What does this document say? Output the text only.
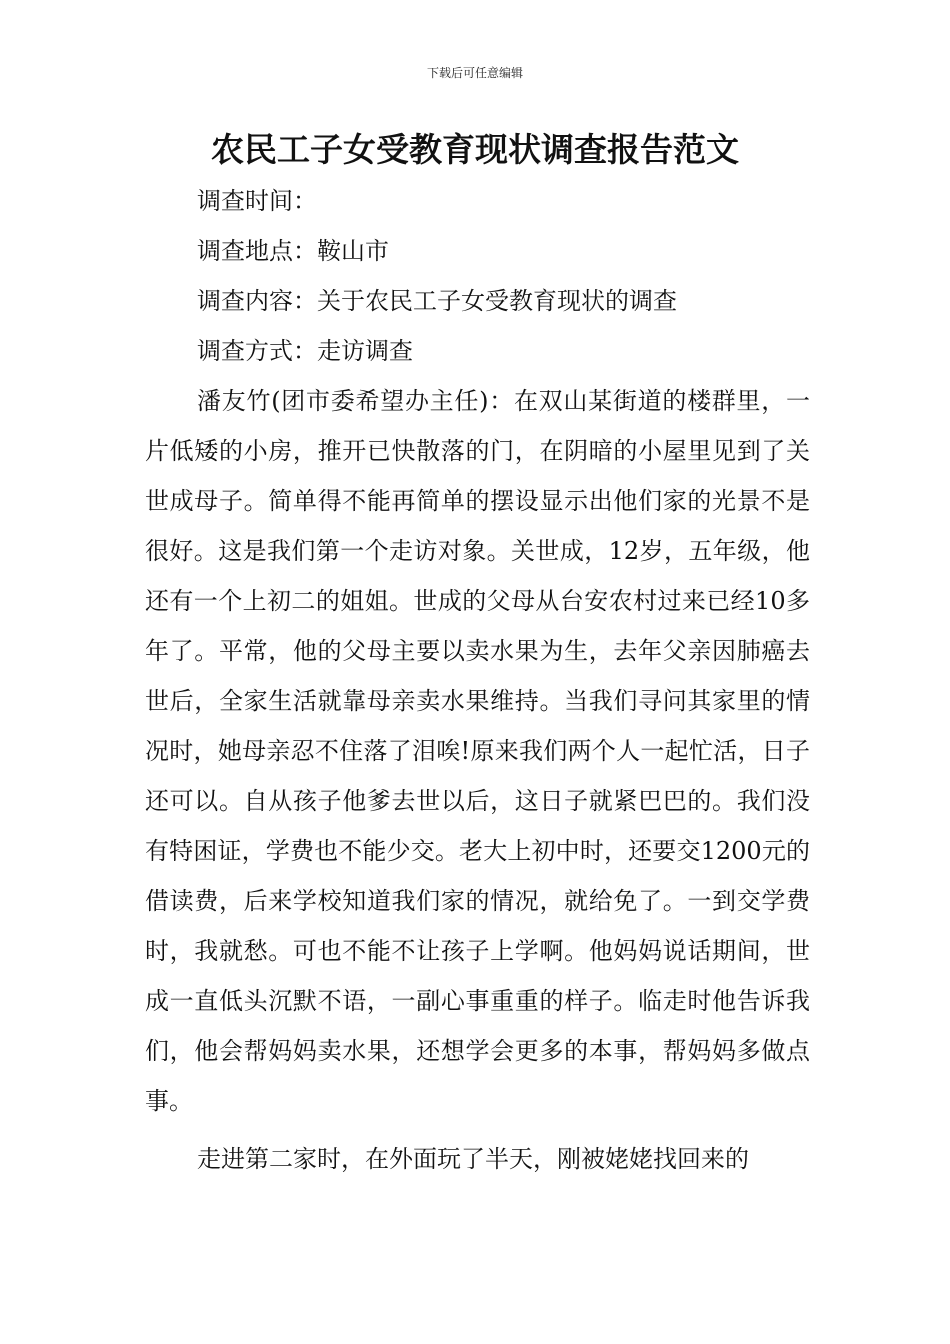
下载后可任意编辑
农民工子女受教育现状调查报告范文

调查时间：

调查地点：鞍山市

调查内容：关于农民工子女受教育现状的调查

调查方式：走访调查

潘友竹(团市委希望办主任)：在双山某街道的楼群里，一片低矮的小房，推开已快散落的门，在阴暗的小屋里见到了关世成母子。简单得不能再简单的摆设显示出他们家的光景不是很好。这是我们第一个走访对象。关世成，12岁，五年级，他还有一个上初二的姐姐。世成的父母从台安农村过来已经10多年了。平常，他的父母主要以卖水果为生，去年父亲因肺癌去世后，全家生活就靠母亲卖水果维持。当我们寻问其家里的情况时，她母亲忍不住落了泪唉!原来我们两个人一起忙活，日子还可以。自从孩子他爹去世以后，这日子就紧巴巴的。我们没有特困证，学费也不能少交。老大上初中时，还要交1200元的借读费，后来学校知道我们家的情况，就给免了。一到交学费时，我就愁。可也不能不让孩子上学啊。他妈妈说话期间，世成一直低头沉默不语，一副心事重重的样子。临走时他告诉我们，他会帮妈妈卖水果，还想学会更多的本事，帮妈妈多做点事。

走进第二家时，在外面玩了半天，刚被姥姥找回来的
